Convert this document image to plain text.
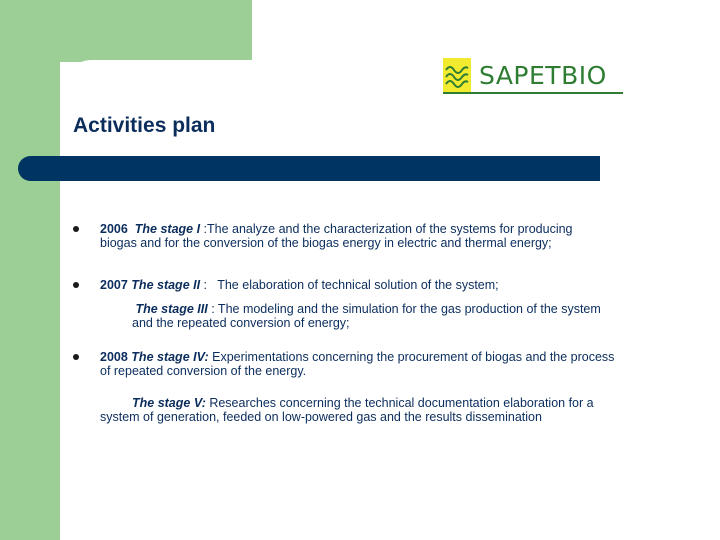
SAPETBIO
Activities plan
2006 The stage I :The analyze and the characterization of the systems for producing biogas and for the conversion of the biogas energy in electric and thermal energy;
2007 The stage II :   The elaboration of technical solution of the system;
The stage III : The modeling and the simulation for the gas production of the system and the repeated conversion of energy;
2008 The stage IV: Experimentations concerning the procurement of biogas and the process of repeated conversion of the energy.
The stage V: Researches concerning the technical documentation elaboration for a system of generation, feeded on low-powered gas and the results dissemination
